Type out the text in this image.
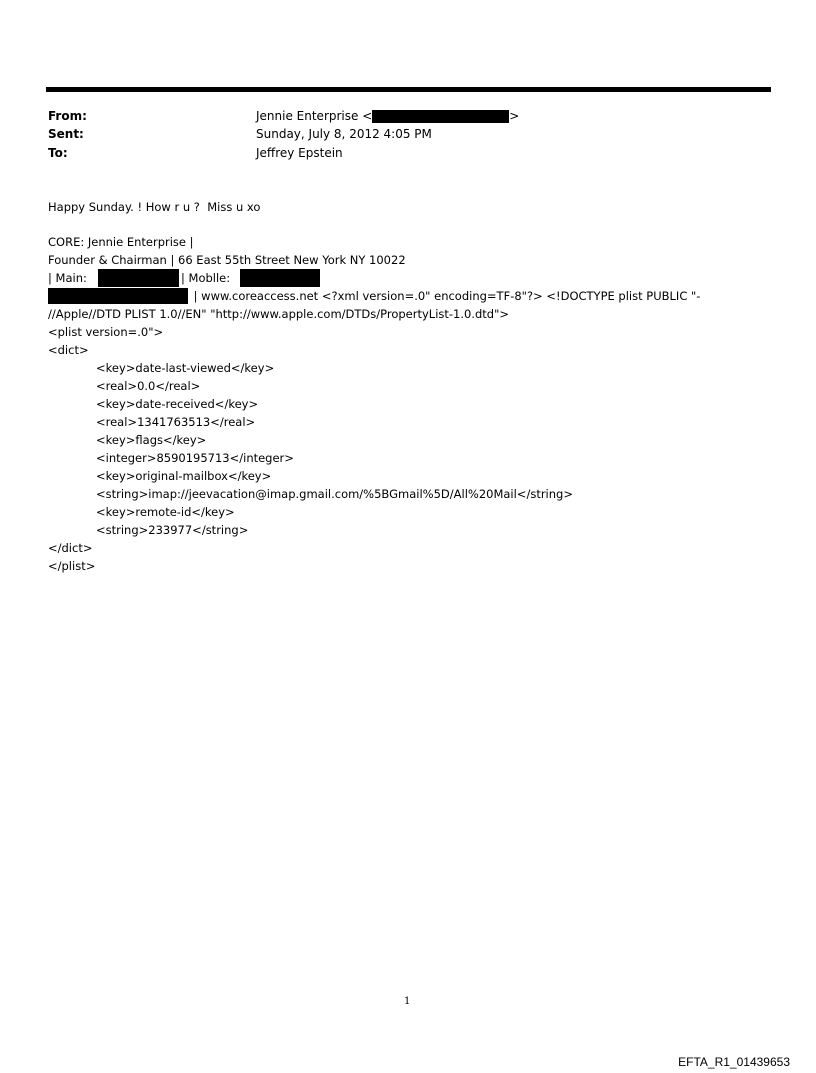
From:	Jennie Enterprise <	>
Sent:	Sunday, July 8, 2012 4:05 PM
To:	Jeffrey Epstein
Happy Sunday. ! How r u ?  Miss u xo
CORE: Jennie Enterprise |
Founder & Chairman | 66 East 55th Street New York NY 10022
| Main:	| Moblle:
| www.coreaccess.net <?xml version=.0" encoding=TF-8"?> <!DOCTYPE plist PUBLIC "-
//Apple//DTD PLIST 1.0//EN" "http://www.apple.com/DTDs/PropertyList-1.0.dtd">
<plist version=.0">
<dict>
<key>date-last-viewed</key>
<real>0.0</real>
<key>date-received</key>
<real>1341763513</real>
<key>flags</key>
<integer>8590195713</integer>
<key>original-mailbox</key>
<string>imap://jeevacation@imap.gmail.com/%5BGmail%5D/All%20Mail</string>
<key>remote-id</key>
<string>233977</string>
</dict>
</plist>
1
EFTA_R1_01439653
